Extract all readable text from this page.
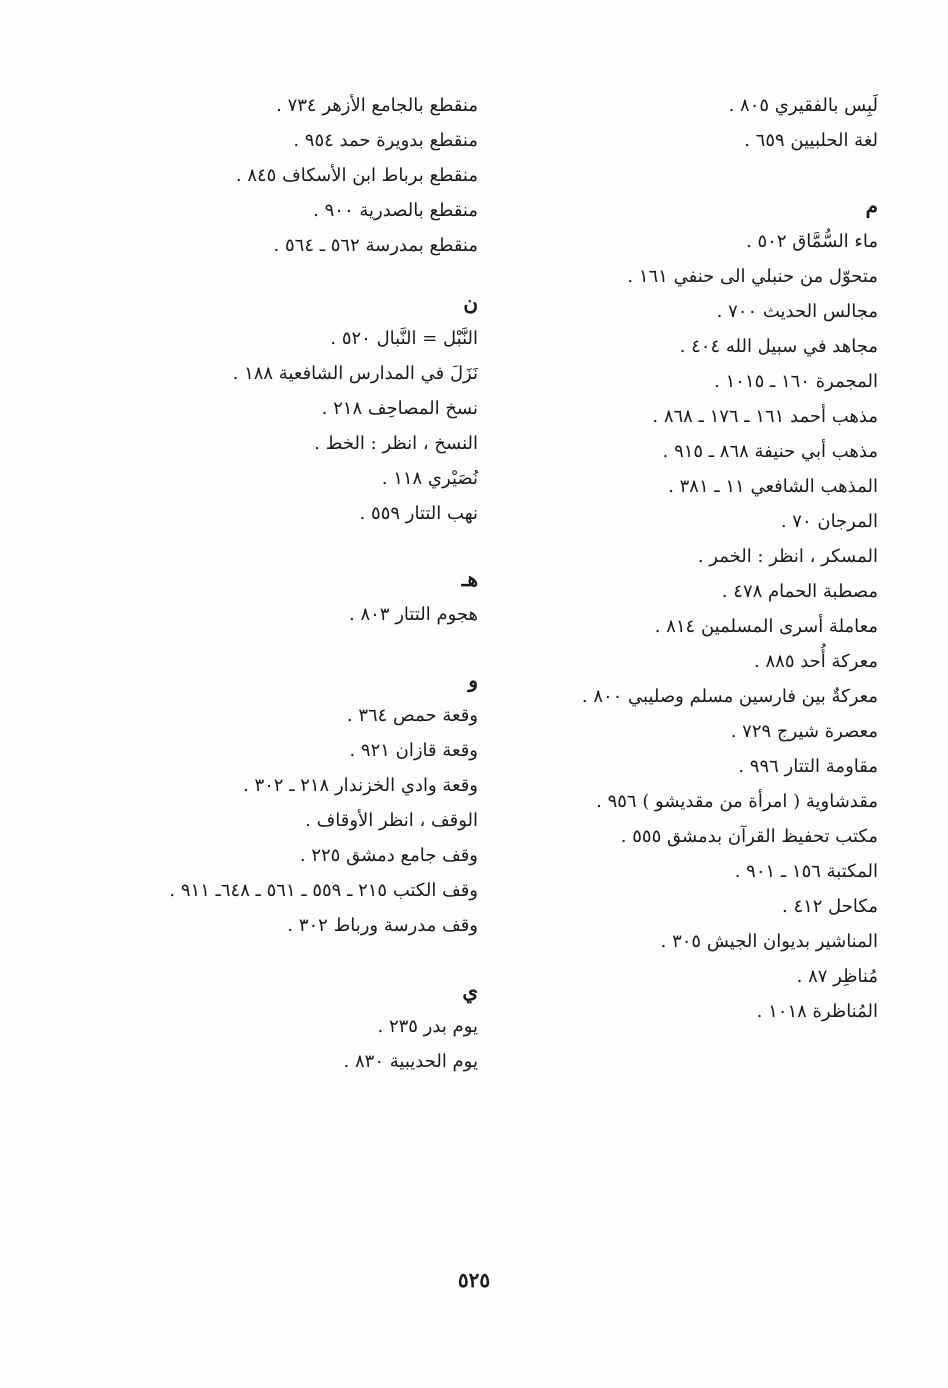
لَبِس بالفقيري ٨٠٥ .
لغة الحلبيين ٦٥٩ .
م
ماء السُّمَّاق ٥٠٢ .
متحوّل من حنبلي الى حنفي ١٦١ .
مجالس الحديث ٧٠٠ .
مجاهد في سبيل الله ٤٠٤ .
المجمرة ١٦٠ ـ ١٠١٥ .
مذهب أحمد ١٦١ ـ ١٧٦ ـ ٨٦٨ .
مذهب أبي حنيفة ٨٦٨ ـ ٩١٥ .
المذهب الشافعي ١١ ـ ٣٨١ .
المرجان ٧٠ .
المسكر ، انظر : الخمر .
مصطبة الحمام ٤٧٨ .
معاملة أسرى المسلمين ٨١٤ .
معركة أُحد ٨٨٥ .
معركةٌ بين فارسين مسلم وصليبي ٨٠٠ .
معصرة شيرج ٧٢٩ .
مقاومة التتار ٩٩٦ .
مقدشاوية ( امرأة من مقديشو ) ٩٥٦ .
مكتب تحفيظ القرآن بدمشق ٥٥٥ .
المكتبة ١٥٦ ـ ٩٠١ .
مكاحل ٤١٢ .
المناشير بديوان الجيش ٣٠٥ .
مُناظِر ٨٧ .
المُناظرة ١٠١٨ .
منقطع بالجامع الأزهر ٧٣٤ .
منقطع بدويرة حمد ٩٥٤ .
منقطع برباط ابن الأسكاف ٨٤٥ .
منقطع بالصدرية ٩٠٠ .
منقطع بمدرسة ٥٦٢ ـ ٥٦٤ .
ن
النَّبْل = النَّبال ٥٢٠ .
نَزَلَ في المدارس الشافعية ١٨٨ .
نسخ المصاحِف ٢١٨ .
النسخ ، انظر : الخط .
نُصَيْري ١١٨ .
نهب التتار ٥٥٩ .
هـ
هجوم التتار ٨٠٣ .
و
وقعة حمص ٣٦٤ .
وقعة قازان ٩٢١ .
وقعة وادي الخزندار ٢١٨ ـ ٣٠٢ .
الوقف ، انظر الأوقاف .
وقف جامع دمشق ٢٢٥ .
وقف الكتب ٢١٥ ـ ٥٥٩ ـ ٥٦١ ـ ٦٤٨ـ ٩١١ .
وقف مدرسة ورباط ٣٠٢ .
ي
يوم بدر ٢٣٥ .
يوم الحديبية ٨٣٠ .
٥٢٥
